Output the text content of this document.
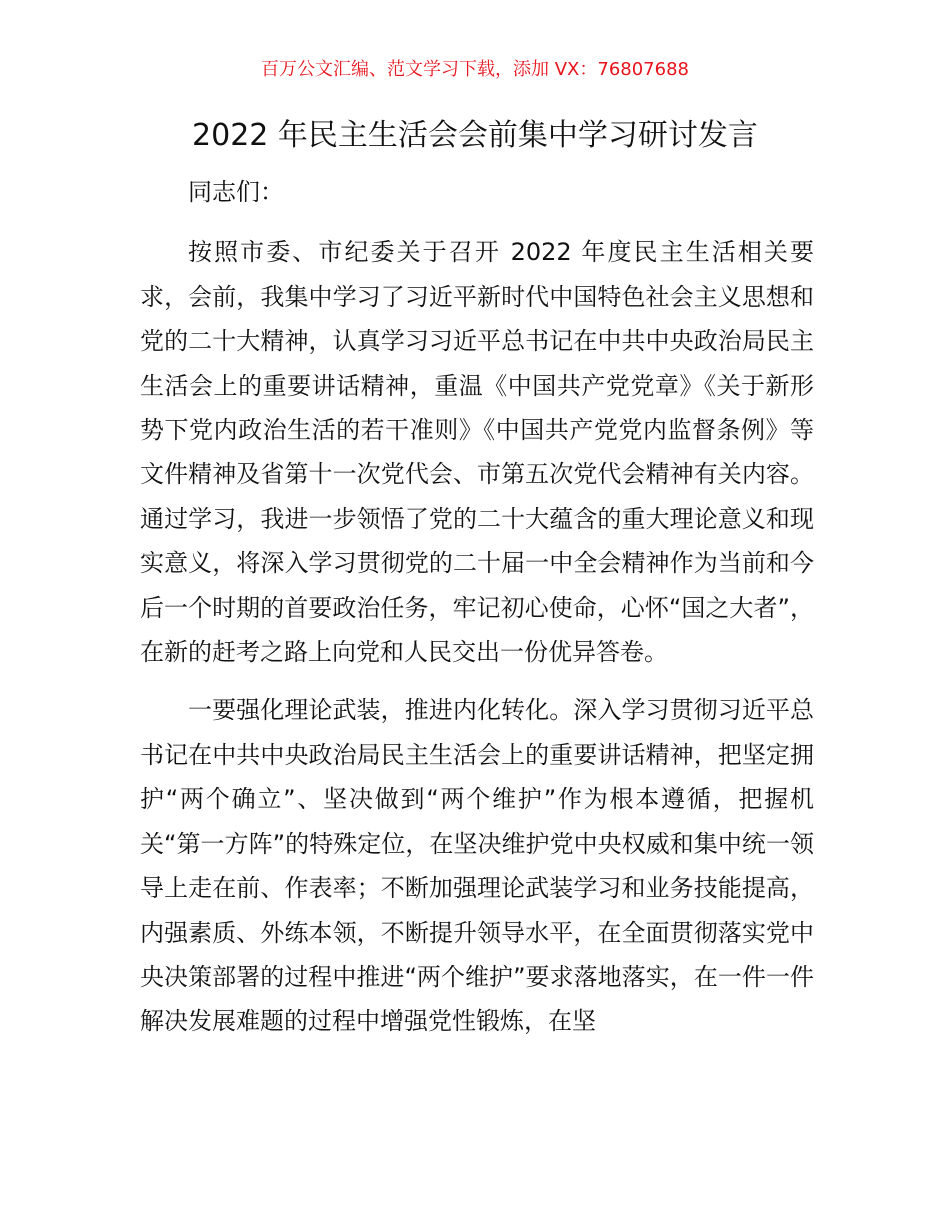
百万公文汇编、范文学习下载，添加 VX：76807688
2022 年民主生活会会前集中学习研讨发言

同志们：

按照市委、市纪委关于召开 2022 年度民主生活相关要求，会前，我集中学习了习近平新时代中国特色社会主义思想和党的二十大精神，认真学习习近平总书记在中共中央政治局民主生活会上的重要讲话精神，重温《中国共产党党章》《关于新形势下党内政治生活的若干准则》《中国共产党党内监督条例》等文件精神及省第十一次党代会、市第五次党代会精神有关内容。通过学习，我进一步领悟了党的二十大蕴含的重大理论意义和现实意义，将深入学习贯彻党的二十届一中全会精神作为当前和今后一个时期的首要政治任务，牢记初心使命，心怀“国之大者”，在新的赶考之路上向党和人民交出一份优异答卷。

一要强化理论武装，推进内化转化。深入学习贯彻习近平总书记在中共中央政治局民主生活会上的重要讲话精神，把坚定拥护“两个确立”、坚决做到“两个维护”作为根本遵循，把握机关“第一方阵”的特殊定位，在坚决维护党中央权威和集中统一领导上走在前、作表率；不断加强理论武装学习和业务技能提高，内强素质、外练本领，不断提升领导水平，在全面贯彻落实党中央决策部署的过程中推进“两个维护”要求落地落实，在一件一件解决发展难题的过程中增强党性锻炼，在坚
